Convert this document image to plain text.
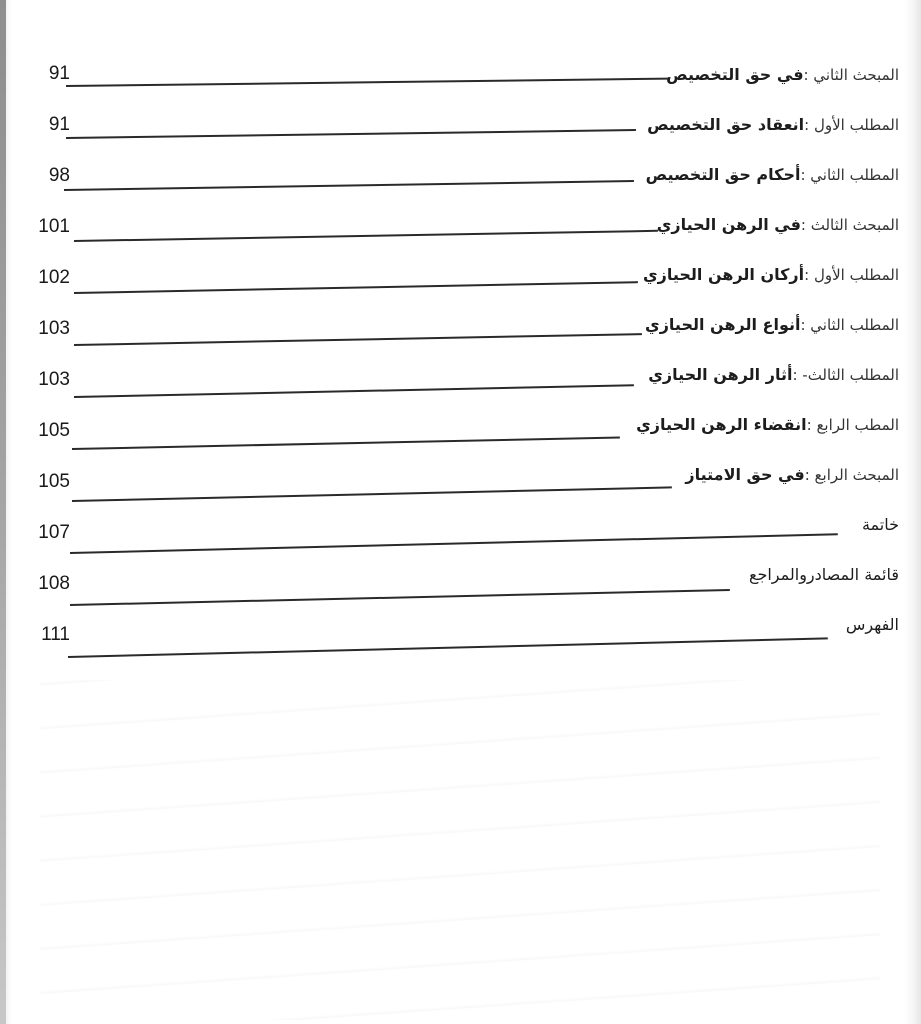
المبحث الثاني :في حق التخصيص
المطلب الأول :انعقاد حق التخصيص
المطلب الثاني :أحكام حق التخصيص
المبحث الثالث :في الرهن الحيازي
المطلب الأول :أركان الرهن الحيازي
المطلب الثاني :أنواع الرهن الحيازي
المطلب الثالث- :أثار الرهن الحيازي
المطب الرابع :انقضاء الرهن الحيازي
المبحث الرابع :في حق الامتياز
خاتمة
قائمة المصادروالمراجع
الفهرس
91
91
98
101
102
103
103
105
105
107
108
111
